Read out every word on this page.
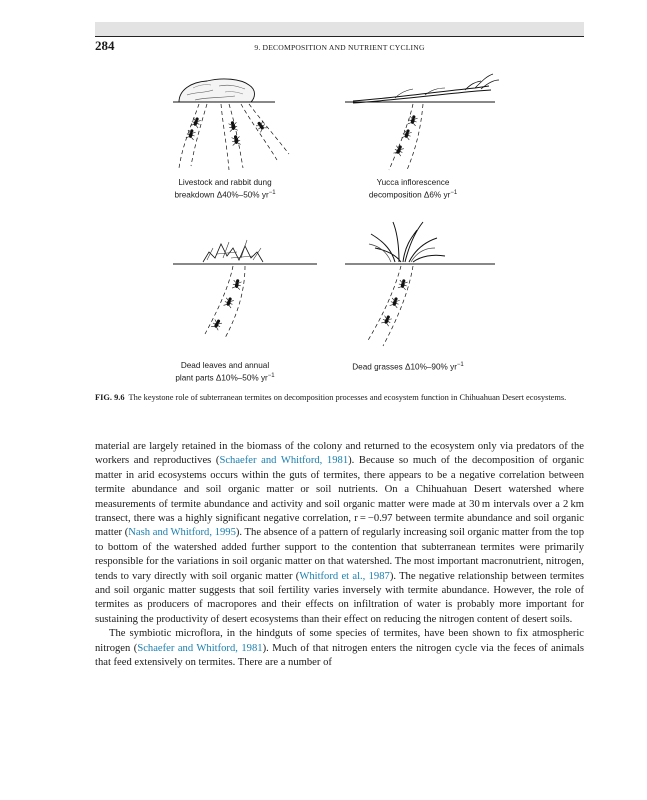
284	9. DECOMPOSITION AND NUTRIENT CYCLING
Livestock and rabbit dung
breakdown Δ40%–50% $yr^{-1}$
Yucca inflorescence
decomposition Δ6% $yr^{-1}$
Dead leaves and annual
plant parts Δ10%–50% $yr^{-1}$
Dead grasses Δ10%–90% $yr^{-1}$
FIG. 9.6 The keystone role of subterranean termites on decomposition processes and ecosystem function in Chihuahuan Desert ecosystems.

material are largely retained in the biomass of the colony and returned to the ecosystem only via predators of the workers and reproductives (Schaefer and Whitford, 1981). Because so much of the decomposition of organic matter in arid ecosystems occurs within the guts of termites, there appears to be a negative correlation between termite abundance and soil organic matter or soil nutrients. On a Chihuahuan Desert watershed where measurements of termite abundance and activity and soil organic matter were made at 30 m intervals over a 2 km transect, there was a highly significant negative correlation, r = −0.97 between termite abundance and soil organic matter (Nash and Whitford, 1995). The absence of a pattern of regularly increasing soil organic matter from the top to bottom of the watershed added further support to the contention that subterranean termites were primarily responsible for the variations in soil organic matter on that watershed. The most important macronutrient, nitrogen, tends to vary directly with soil organic matter (Whitford et al., 1987). The negative relationship between termites and soil organic matter suggests that soil fertility varies inversely with termite abundance. However, the role of termites as producers of macropores and their effects on infiltration of water is probably more important for sustaining the productivity of desert ecosystems than their effect on reducing the nitrogen content of desert soils.

The symbiotic microflora, in the hindguts of some species of termites, have been shown to fix atmospheric nitrogen (Schaefer and Whitford, 1981). Much of that nitrogen enters the nitrogen cycle via the feces of animals that feed extensively on termites. There are a number of
